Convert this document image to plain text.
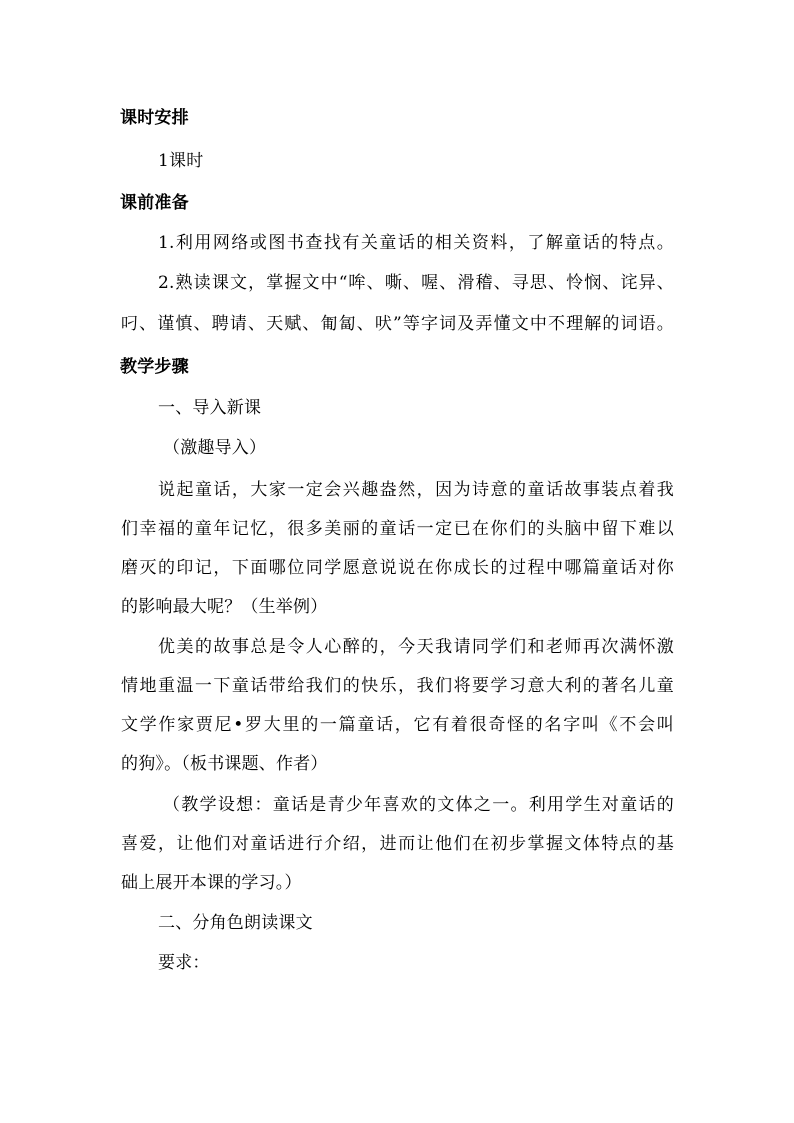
课时安排
1课时
课前准备
1.利用网络或图书查找有关童话的相关资料，了解童话的特点。
2.熟读课文，掌握文中“哞、嘶、喔、滑稽、寻思、怜悯、诧异、
叼、谨慎、聘请、天赋、匍匐、吠”等字词及弄懂文中不理解的词语。
教学步骤
一、导入新课
（激趣导入）
说起童话，大家一定会兴趣盎然，因为诗意的童话故事装点着我
们幸福的童年记忆，很多美丽的童话一定已在你们的头脑中留下难以
磨灭的印记，下面哪位同学愿意说说在你成长的过程中哪篇童话对你
的影响最大呢？（生举例）
优美的故事总是令人心醉的，今天我请同学们和老师再次满怀激
情地重温一下童话带给我们的快乐，我们将要学习意大利的著名儿童
文学作家贾尼•罗大里的一篇童话，它有着很奇怪的名字叫《不会叫
的狗》。（板书课题、作者）
（教学设想：童话是青少年喜欢的文体之一。利用学生对童话的
喜爱，让他们对童话进行介绍，进而让他们在初步掌握文体特点的基
础上展开本课的学习。）
二、分角色朗读课文
要求：
